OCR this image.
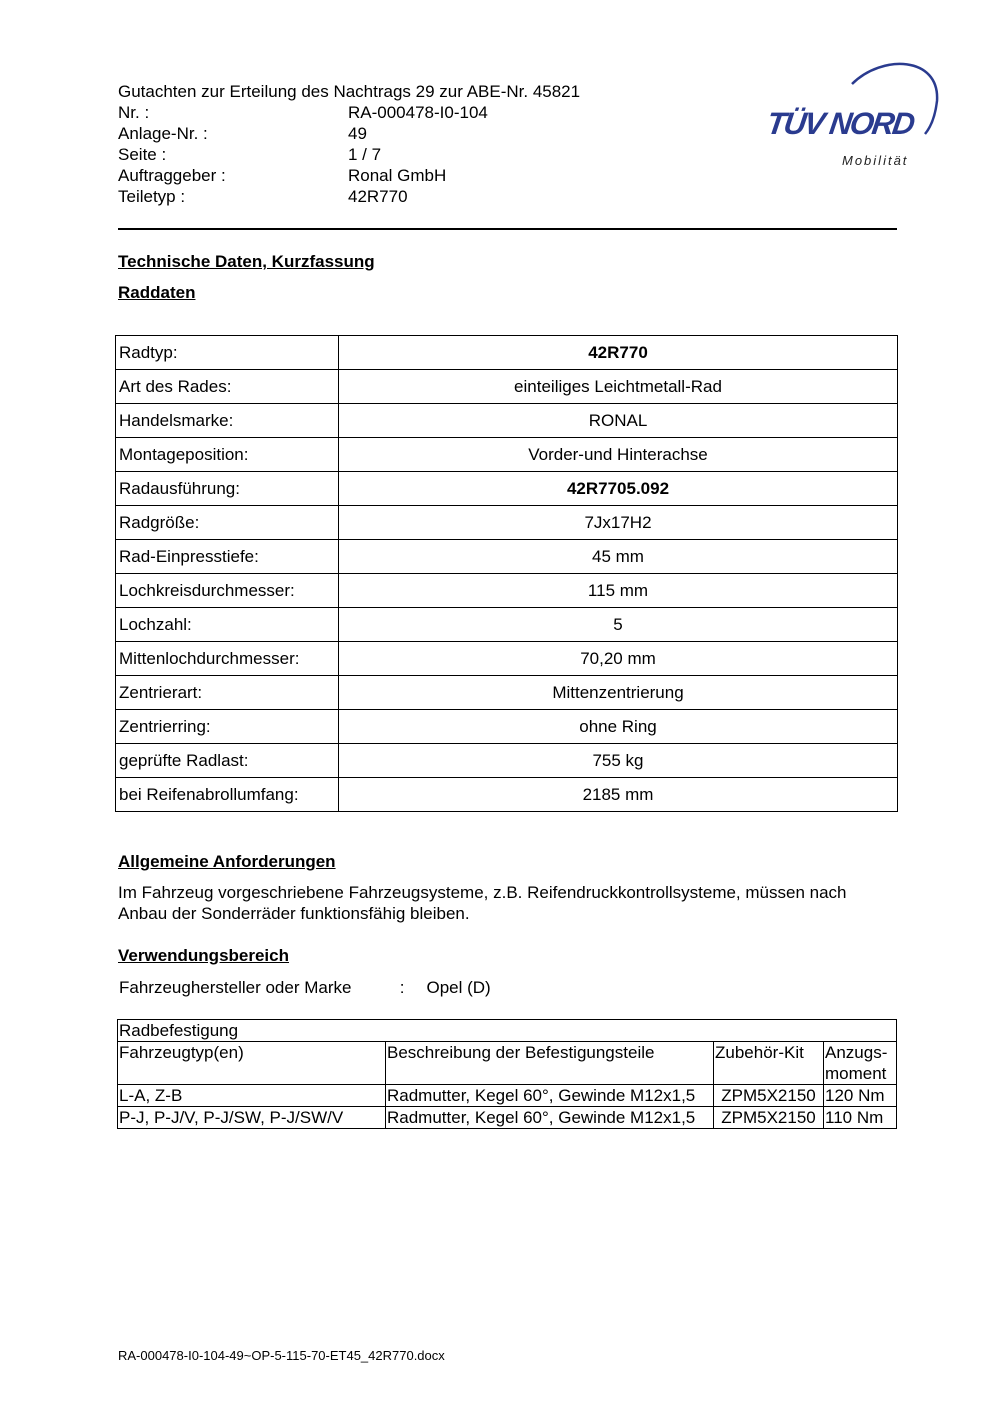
Gutachten zur Erteilung des Nachtrags 29 zur ABE-Nr. 45821
Nr. :	RA-000478-I0-104
Anlage-Nr. :	49
Seite :	1 / 7
Auftraggeber :	Ronal GmbH
Teiletyp :	42R770
TÜV NORD
Mobilität
Technische Daten, Kurzfassung
Raddaten
Radtyp:	42R770
Art des Rades:	einteiliges Leichtmetall-Rad
Handelsmarke:	RONAL
Montageposition:	Vorder-und Hinterachse
Radausführung:	42R7705.092
Radgröße:	7Jx17H2
Rad-Einpresstiefe:	45 mm
Lochkreisdurchmesser:	115 mm
Lochzahl:	5
Mittenlochdurchmesser:	70,20 mm
Zentrierart:	Mittenzentrierung
Zentrierring:	ohne Ring
geprüfte Radlast:	755 kg
bei Reifenabrollumfang:	2185 mm
Allgemeine Anforderungen
Im Fahrzeug vorgeschriebene Fahrzeugsysteme, z.B. Reifendruckkontrollsysteme, müssen nach Anbau der Sonderräder funktionsfähig bleiben.
Verwendungsbereich
Fahrzeughersteller oder Marke	: Opel (D)
Radbefestigung			
Fahrzeugtyp(en)	Beschreibung der Befestigungsteile	Zubehör-Kit	Anzugs-moment
L-A, Z-B	Radmutter, Kegel 60°, Gewinde M12x1,5	ZPM5X2150	120 Nm
P-J, P-J/V, P-J/SW, P-J/SW/V	Radmutter, Kegel 60°, Gewinde M12x1,5	ZPM5X2150	110 Nm
RA-000478-I0-104-49~OP-5-115-70-ET45_42R770.docx
